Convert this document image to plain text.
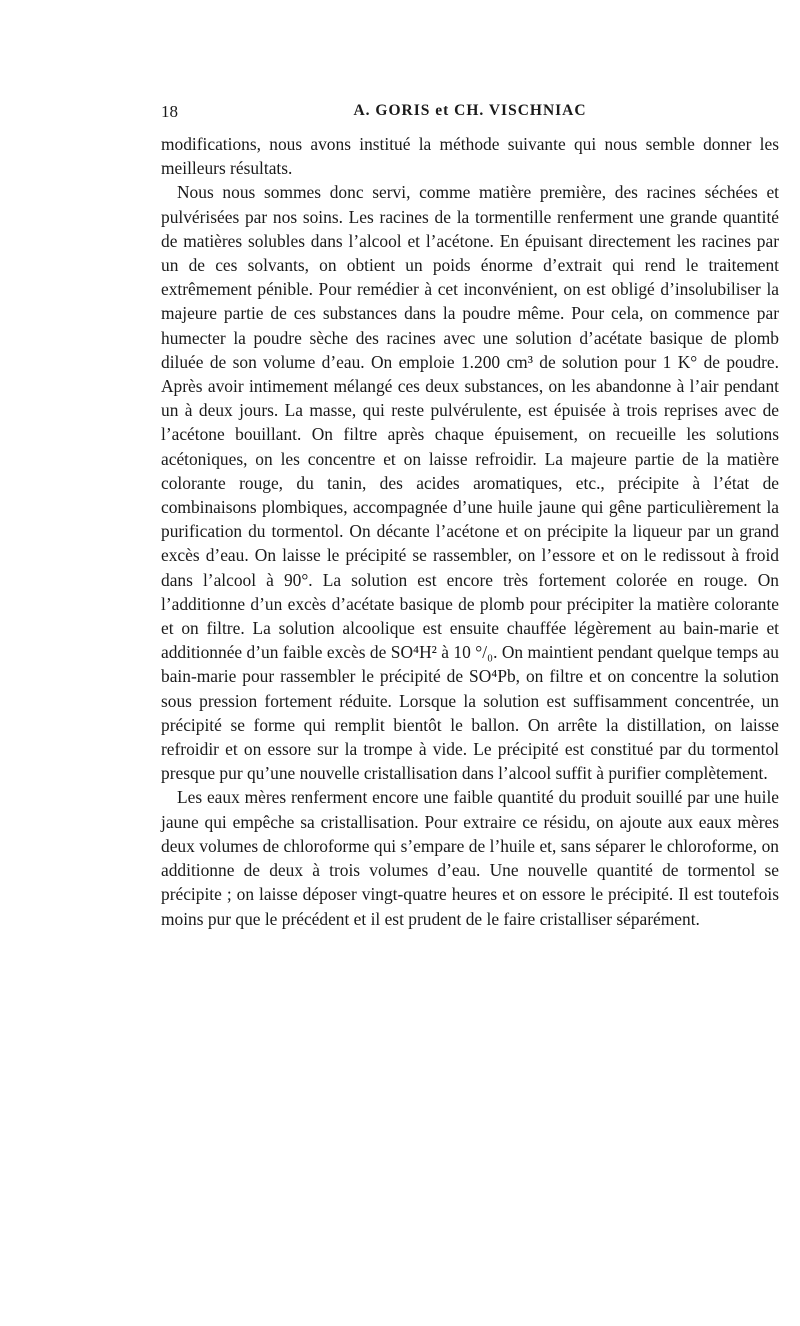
18	A. GORIS et CH. VISCHNIAC

modifications, nous avons institué la méthode suivante qui nous semble donner les meilleurs résultats.

Nous nous sommes donc servi, comme matière première, des racines séchées et pulvérisées par nos soins. Les racines de la tormentille renferment une grande quantité de matières solubles dans l’alcool et l’acétone. En épuisant directement les racines par un de ces solvants, on obtient un poids énorme d’extrait qui rend le traitement extrêmement pénible. Pour remédier à cet inconvénient, on est obligé d’insolubiliser la majeure partie de ces substances dans la poudre même. Pour cela, on commence par humecter la poudre sèche des racines avec une solution d’acétate basique de plomb diluée de son volume d’eau. On emploie 1.200 cm³ de solution pour 1 K° de poudre. Après avoir intimement mélangé ces deux substances, on les abandonne à l’air pendant un à deux jours. La masse, qui reste pulvérulente, est épuisée à trois reprises avec de l’acétone bouillant. On filtre après chaque épuisement, on recueille les solutions acétoniques, on les concentre et on laisse refroidir. La majeure partie de la matière colorante rouge, du tanin, des acides aromatiques, etc., précipite à l’état de combinaisons plombiques, accompagnée d’une huile jaune qui gêne particulièrement la purification du tormentol. On décante l’acétone et on précipite la liqueur par un grand excès d’eau. On laisse le précipité se rassembler, on l’essore et on le redissout à froid dans l’alcool à 90°. La solution est encore très fortement colorée en rouge. On l’additionne d’un excès d’acétate basique de plomb pour précipiter la matière colorante et on filtre. La solution alcoolique est ensuite chauffée légèrement au bain-marie et additionnée d’un faible excès de SO⁴H² à 10 °/₀. On maintient pendant quelque temps au bain-marie pour rassembler le précipité de SO⁴Pb, on filtre et on concentre la solution sous pression fortement réduite. Lorsque la solution est suffisamment concentrée, un précipité se forme qui remplit bientôt le ballon. On arrête la distillation, on laisse refroidir et on essore sur la trompe à vide. Le précipité est constitué par du tormentol presque pur qu’une nouvelle cristallisation dans l’alcool suffit à purifier complètement.

Les eaux mères renferment encore une faible quantité du produit souillé par une huile jaune qui empêche sa cristallisation. Pour extraire ce résidu, on ajoute aux eaux mères deux volumes de chloroforme qui s’empare de l’huile et, sans séparer le chloroforme, on additionne de deux à trois volumes d’eau. Une nouvelle quantité de tormentol se précipite ; on laisse déposer vingt-quatre heures et on essore le précipité. Il est toutefois moins pur que le précédent et il est prudent de le faire cristalliser séparément.
